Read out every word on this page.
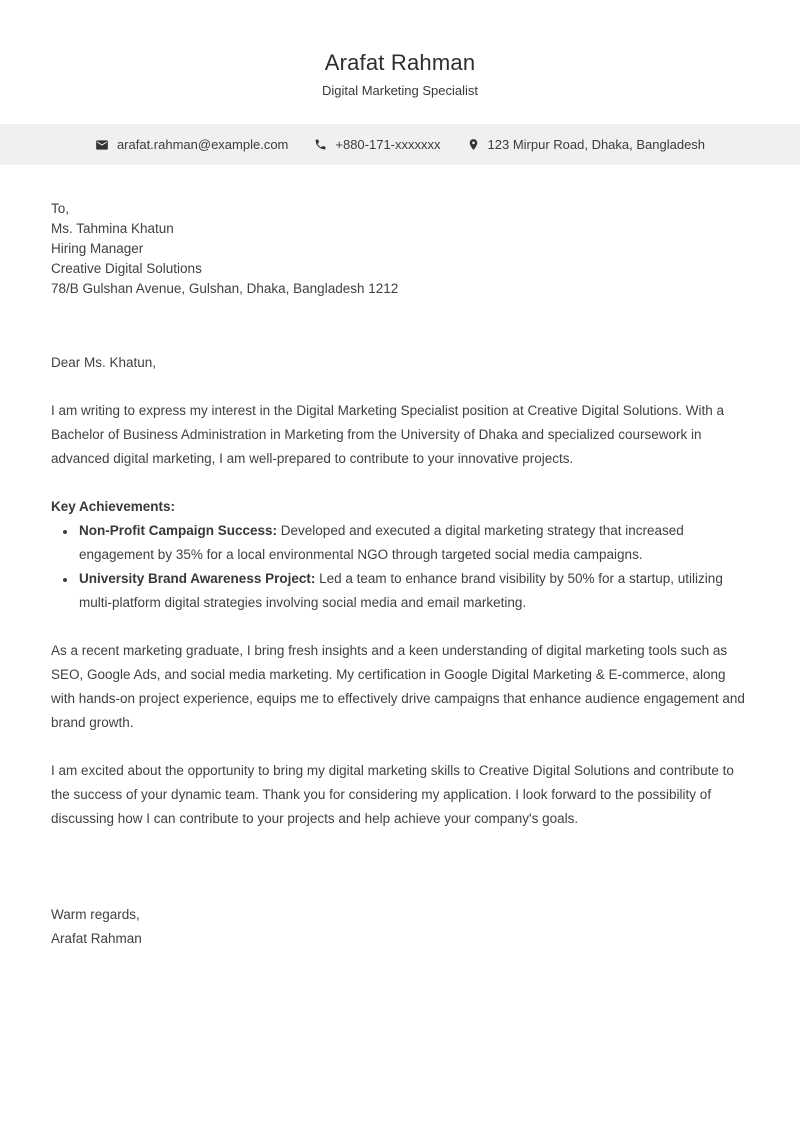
Arafat Rahman

Digital Marketing Specialist

arafat.rahman@example.com	+880-171-xxxxxxx	123 Mirpur Road, Dhaka, Bangladesh

To,

Ms. Tahmina Khatun

Hiring Manager

Creative Digital Solutions

78/B Gulshan Avenue, Gulshan, Dhaka, Bangladesh 1212

Dear Ms. Khatun,

I am writing to express my interest in the Digital Marketing Specialist position at Creative Digital Solutions. With a Bachelor of Business Administration in Marketing from the University of Dhaka and specialized coursework in advanced digital marketing, I am well-prepared to contribute to your innovative projects.

Key Achievements:

• Non-Profit Campaign Success: Developed and executed a digital marketing strategy that increased engagement by 35% for a local environmental NGO through targeted social media campaigns.
• University Brand Awareness Project: Led a team to enhance brand visibility by 50% for a startup, utilizing multi-platform digital strategies involving social media and email marketing.

As a recent marketing graduate, I bring fresh insights and a keen understanding of digital marketing tools such as SEO, Google Ads, and social media marketing. My certification in Google Digital Marketing & E-commerce, along with hands-on project experience, equips me to effectively drive campaigns that enhance audience engagement and brand growth.

I am excited about the opportunity to bring my digital marketing skills to Creative Digital Solutions and contribute to the success of your dynamic team. Thank you for considering my application. I look forward to the possibility of discussing how I can contribute to your projects and help achieve your company's goals.

Warm regards,

Arafat Rahman
